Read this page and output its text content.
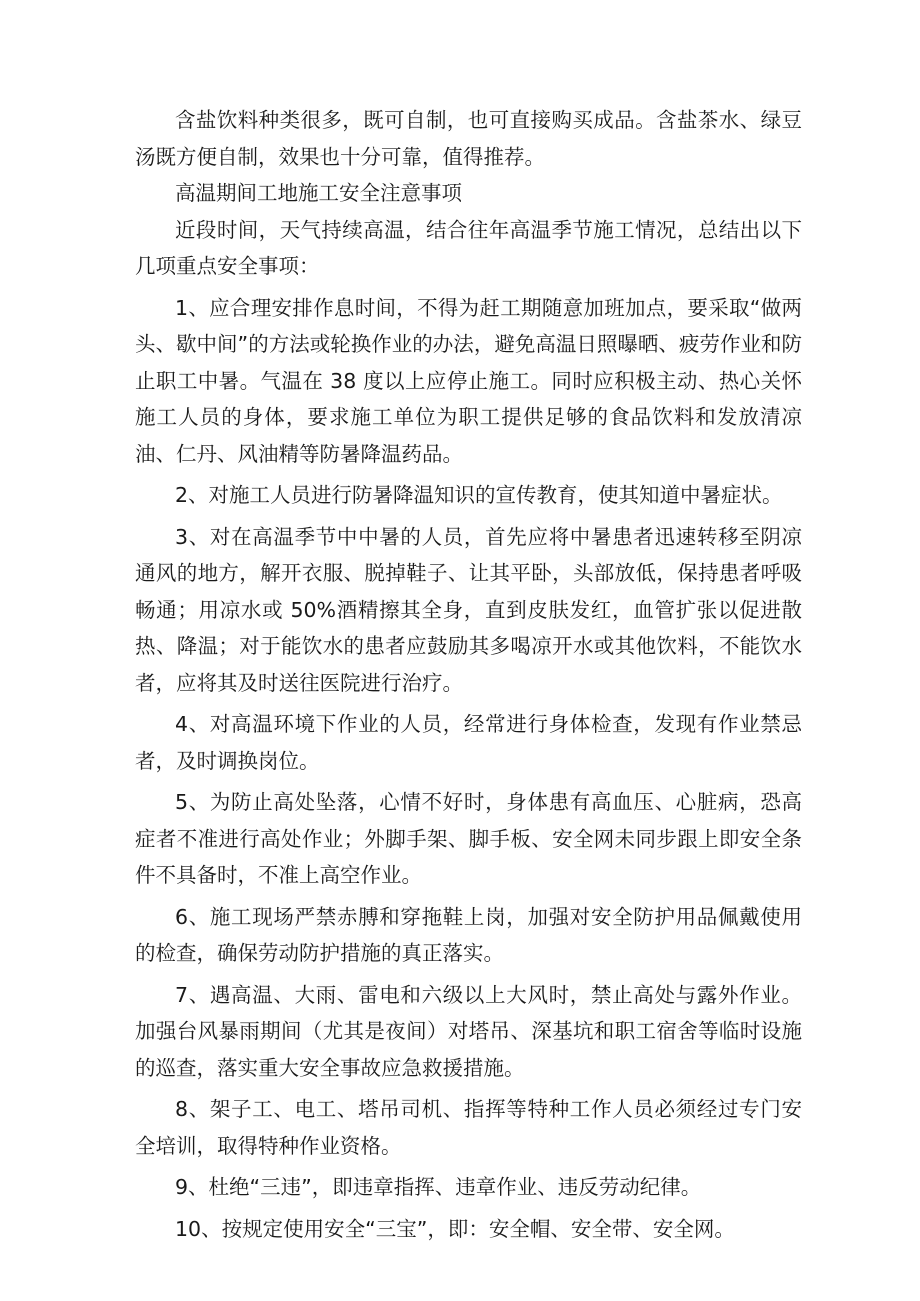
含盐饮料种类很多，既可自制，也可直接购买成品。含盐茶水、绿豆汤既方便自制，效果也十分可靠，值得推荐。

高温期间工地施工安全注意事项

近段时间，天气持续高温，结合往年高温季节施工情况，总结出以下几项重点安全事项：

1、应合理安排作息时间，不得为赶工期随意加班加点，要采取“做两头、歇中间”的方法或轮换作业的办法，避免高温日照曝晒、疲劳作业和防止职工中暑。气温在 38 度以上应停止施工。同时应积极主动、热心关怀施工人员的身体，要求施工单位为职工提供足够的食品饮料和发放清凉油、仁丹、风油精等防暑降温药品。

2、对施工人员进行防暑降温知识的宣传教育，使其知道中暑症状。

3、对在高温季节中中暑的人员，首先应将中暑患者迅速转移至阴凉通风的地方，解开衣服、脱掉鞋子、让其平卧，头部放低，保持患者呼吸畅通；用凉水或 50%酒精擦其全身，直到皮肤发红，血管扩张以促进散热、降温；对于能饮水的患者应鼓励其多喝凉开水或其他饮料，不能饮水者，应将其及时送往医院进行治疗。

4、对高温环境下作业的人员，经常进行身体检查，发现有作业禁忌者，及时调换岗位。

5、为防止高处坠落，心情不好时，身体患有高血压、心脏病，恐高症者不准进行高处作业；外脚手架、脚手板、安全网未同步跟上即安全条件不具备时，不准上高空作业。

6、施工现场严禁赤膊和穿拖鞋上岗，加强对安全防护用品佩戴使用的检查，确保劳动防护措施的真正落实。

7、遇高温、大雨、雷电和六级以上大风时，禁止高处与露外作业。加强台风暴雨期间（尤其是夜间）对塔吊、深基坑和职工宿舍等临时设施的巡查，落实重大安全事故应急救援措施。

8、架子工、电工、塔吊司机、指挥等特种工作人员必须经过专门安全培训，取得特种作业资格。

9、杜绝“三违”，即违章指挥、违章作业、违反劳动纪律。

10、按规定使用安全“三宝”，即：安全帽、安全带、安全网。
